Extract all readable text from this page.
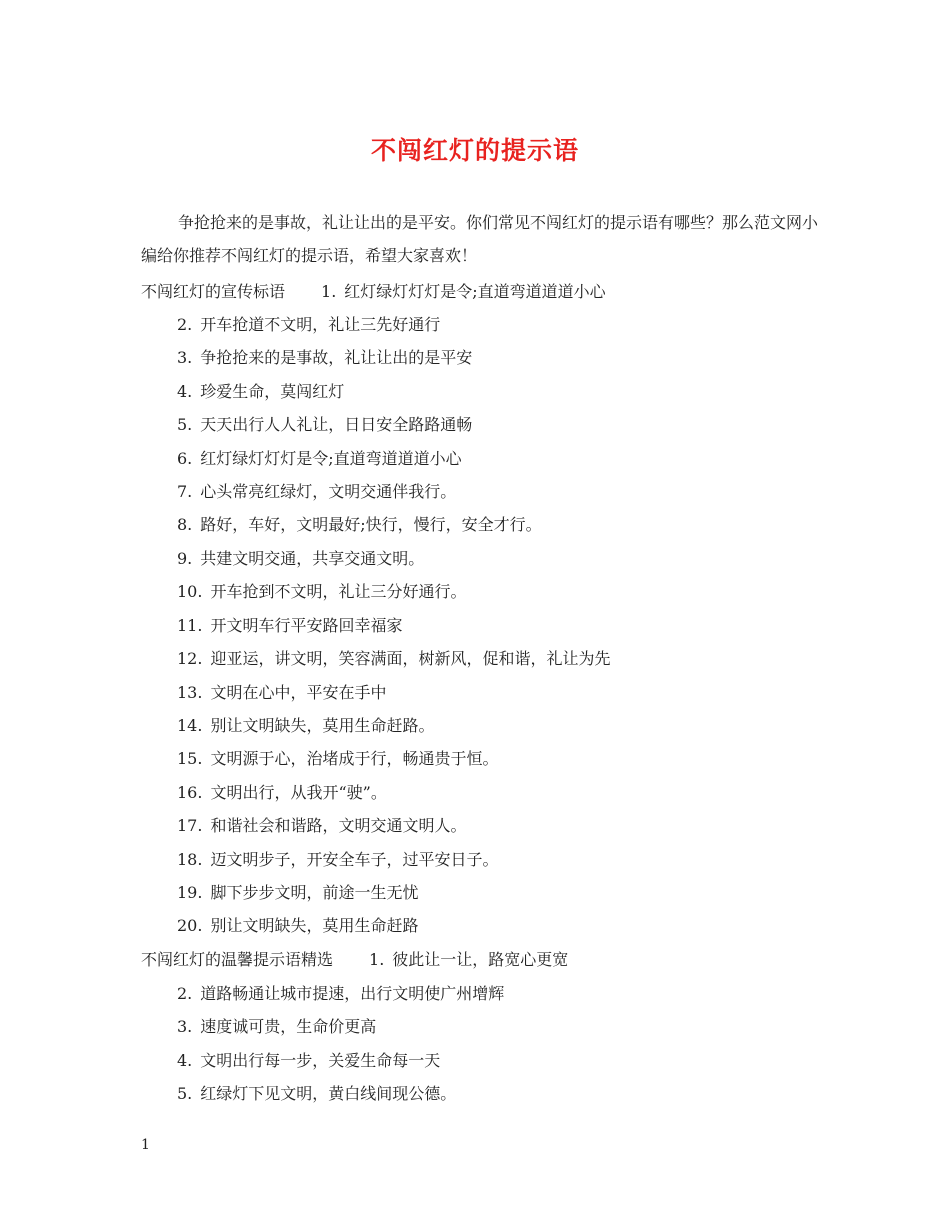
不闯红灯的提示语

争抢抢来的是事故，礼让让出的是平安。你们常见不闯红灯的提示语有哪些？那么范文网小编给你推荐不闯红灯的提示语，希望大家喜欢！

不闯红灯的宣传标语 1. 红灯绿灯灯灯是令;直道弯道道道小心
2. 开车抢道不文明，礼让三先好通行
3. 争抢抢来的是事故，礼让让出的是平安
4. 珍爱生命，莫闯红灯
5. 天天出行人人礼让，日日安全路路通畅
6. 红灯绿灯灯灯是令;直道弯道道道小心
7. 心头常亮红绿灯，文明交通伴我行。
8. 路好，车好，文明最好;快行，慢行，安全才行。
9. 共建文明交通，共享交通文明。
10. 开车抢到不文明，礼让三分好通行。
11. 开文明车行平安路回幸福家
12. 迎亚运，讲文明，笑容满面，树新风，促和谐，礼让为先
13. 文明在心中，平安在手中
14. 别让文明缺失，莫用生命赶路。
15. 文明源于心，治堵成于行，畅通贵于恒。
16. 文明出行，从我开“驶”。
17. 和谐社会和谐路，文明交通文明人。
18. 迈文明步子，开安全车子，过平安日子。
19. 脚下步步文明，前途一生无忧
20. 别让文明缺失，莫用生命赶路
不闯红灯的温馨提示语精选 1. 彼此让一让，路宽心更宽
2. 道路畅通让城市提速，出行文明使广州增辉
3. 速度诚可贵，生命价更高
4. 文明出行每一步，关爱生命每一天
5. 红绿灯下见文明，黄白线间现公德。
1
